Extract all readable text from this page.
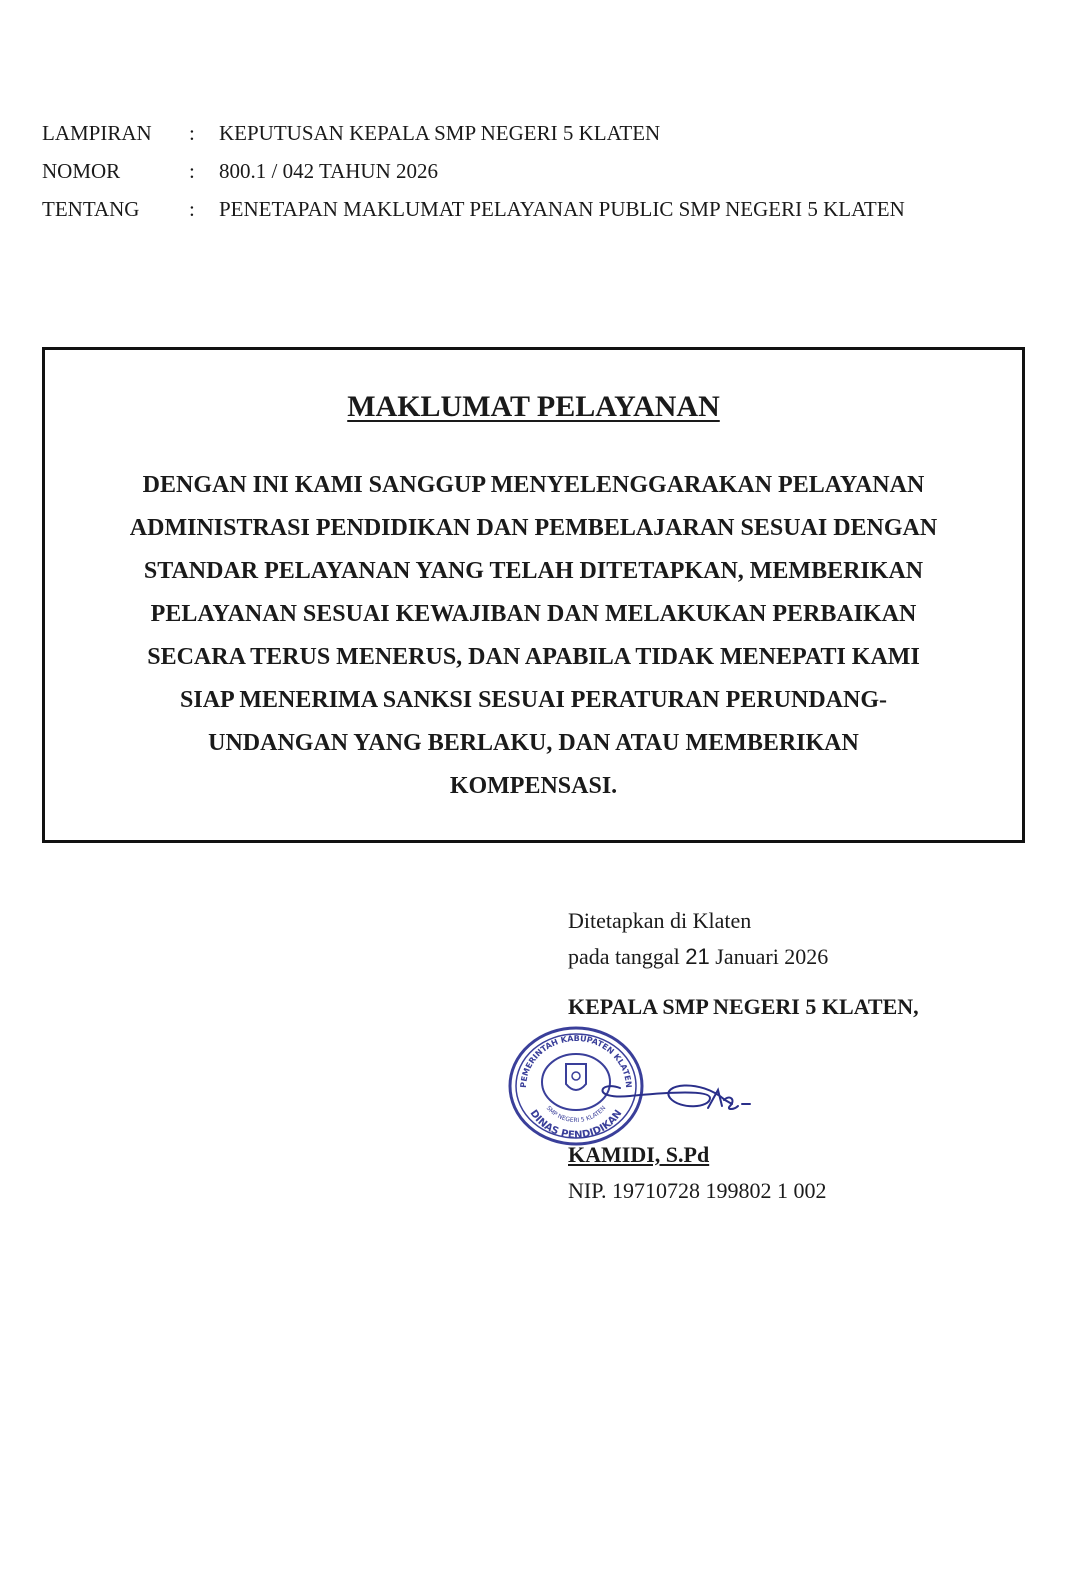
LAMPIRAN	:	KEPUTUSAN KEPALA SMP NEGERI 5 KLATEN
NOMOR	:	800.1 / 042 TAHUN 2026
TENTANG	:	PENETAPAN MAKLUMAT PELAYANAN PUBLIC SMP NEGERI 5 KLATEN
MAKLUMAT PELAYANAN
DENGAN INI KAMI SANGGUP MENYELENGGARAKAN PELAYANAN
ADMINISTRASI PENDIDIKAN DAN PEMBELAJARAN SESUAI DENGAN
STANDAR PELAYANAN YANG TELAH DITETAPKAN, MEMBERIKAN
PELAYANAN SESUAI KEWAJIBAN DAN MELAKUKAN PERBAIKAN
SECARA TERUS MENERUS, DAN APABILA TIDAK MENEPATI KAMI
SIAP MENERIMA SANKSI SESUAI PERATURAN PERUNDANG-
UNDANGAN YANG BERLAKU, DAN ATAU MEMBERIKAN
KOMPENSASI.
Ditetapkan di Klaten
pada tanggal 21 Januari 2026
KEPALA SMP NEGERI 5 KLATEN,
KAMIDI, S.Pd
NIP. 19710728 199802 1 002
PEMERINTAH KABUPATEN KLATEN
SMP NEGERI 5 KLATEN
DINAS PENDIDIKAN
